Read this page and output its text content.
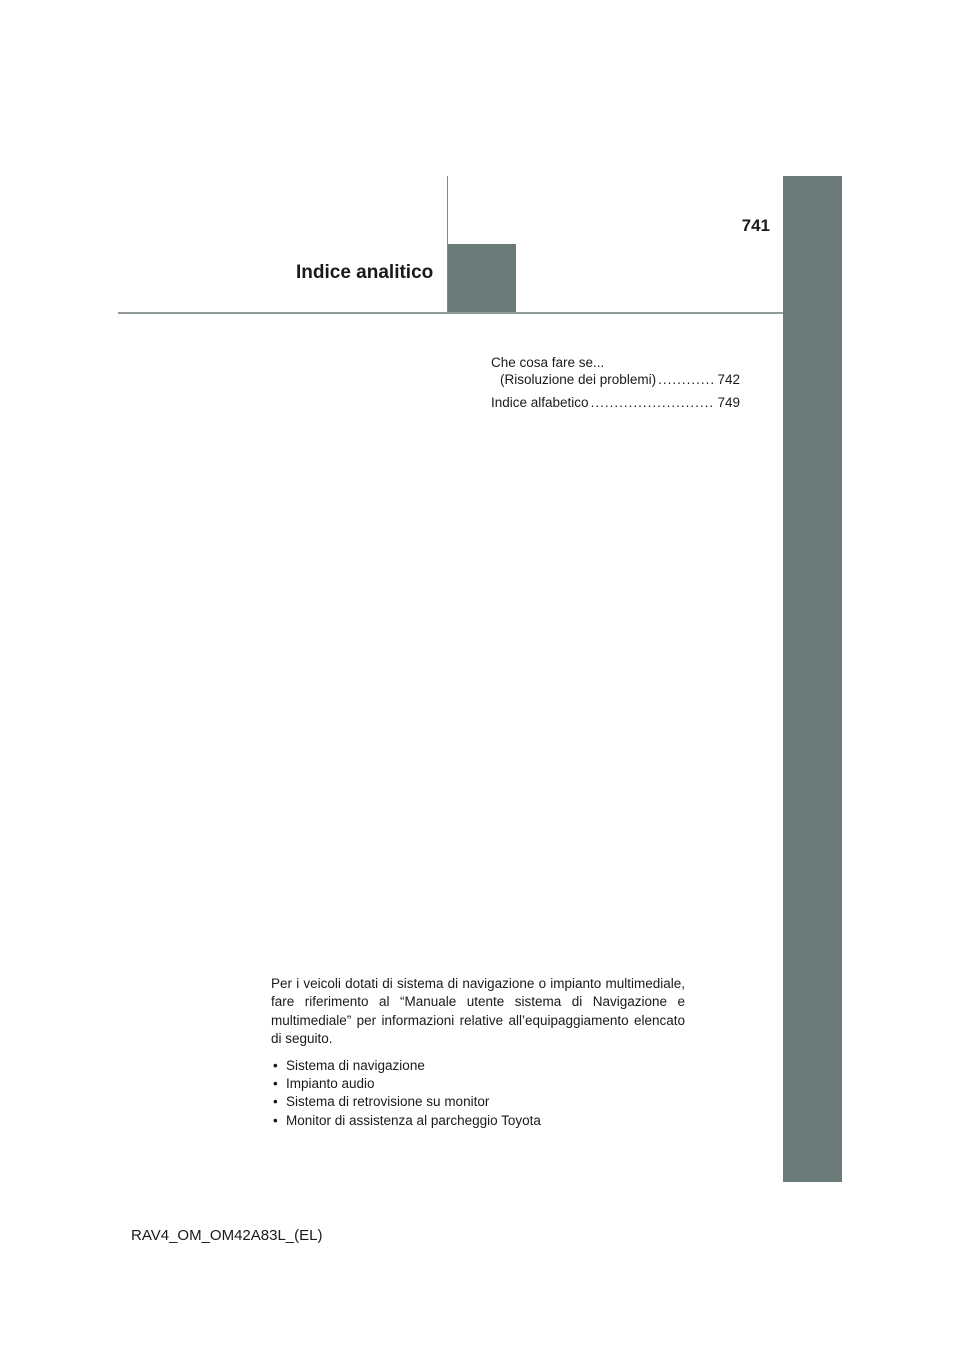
741
Indice analitico
Che cosa fare se...
(Risoluzione dei problemi) .....	742
Indice alfabetico .....	749

Per i veicoli dotati di sistema di navigazione o impianto multimediale, fare riferimento al “Manuale utente sistema di Navigazione e multimediale” per informazioni relative all’equipaggiamento elencato di seguito.

• Sistema di navigazione
• Impianto audio
• Sistema di retrovisione su monitor
• Monitor di assistenza al parcheggio Toyota
RAV4_OM_OM42A83L_(EL)
